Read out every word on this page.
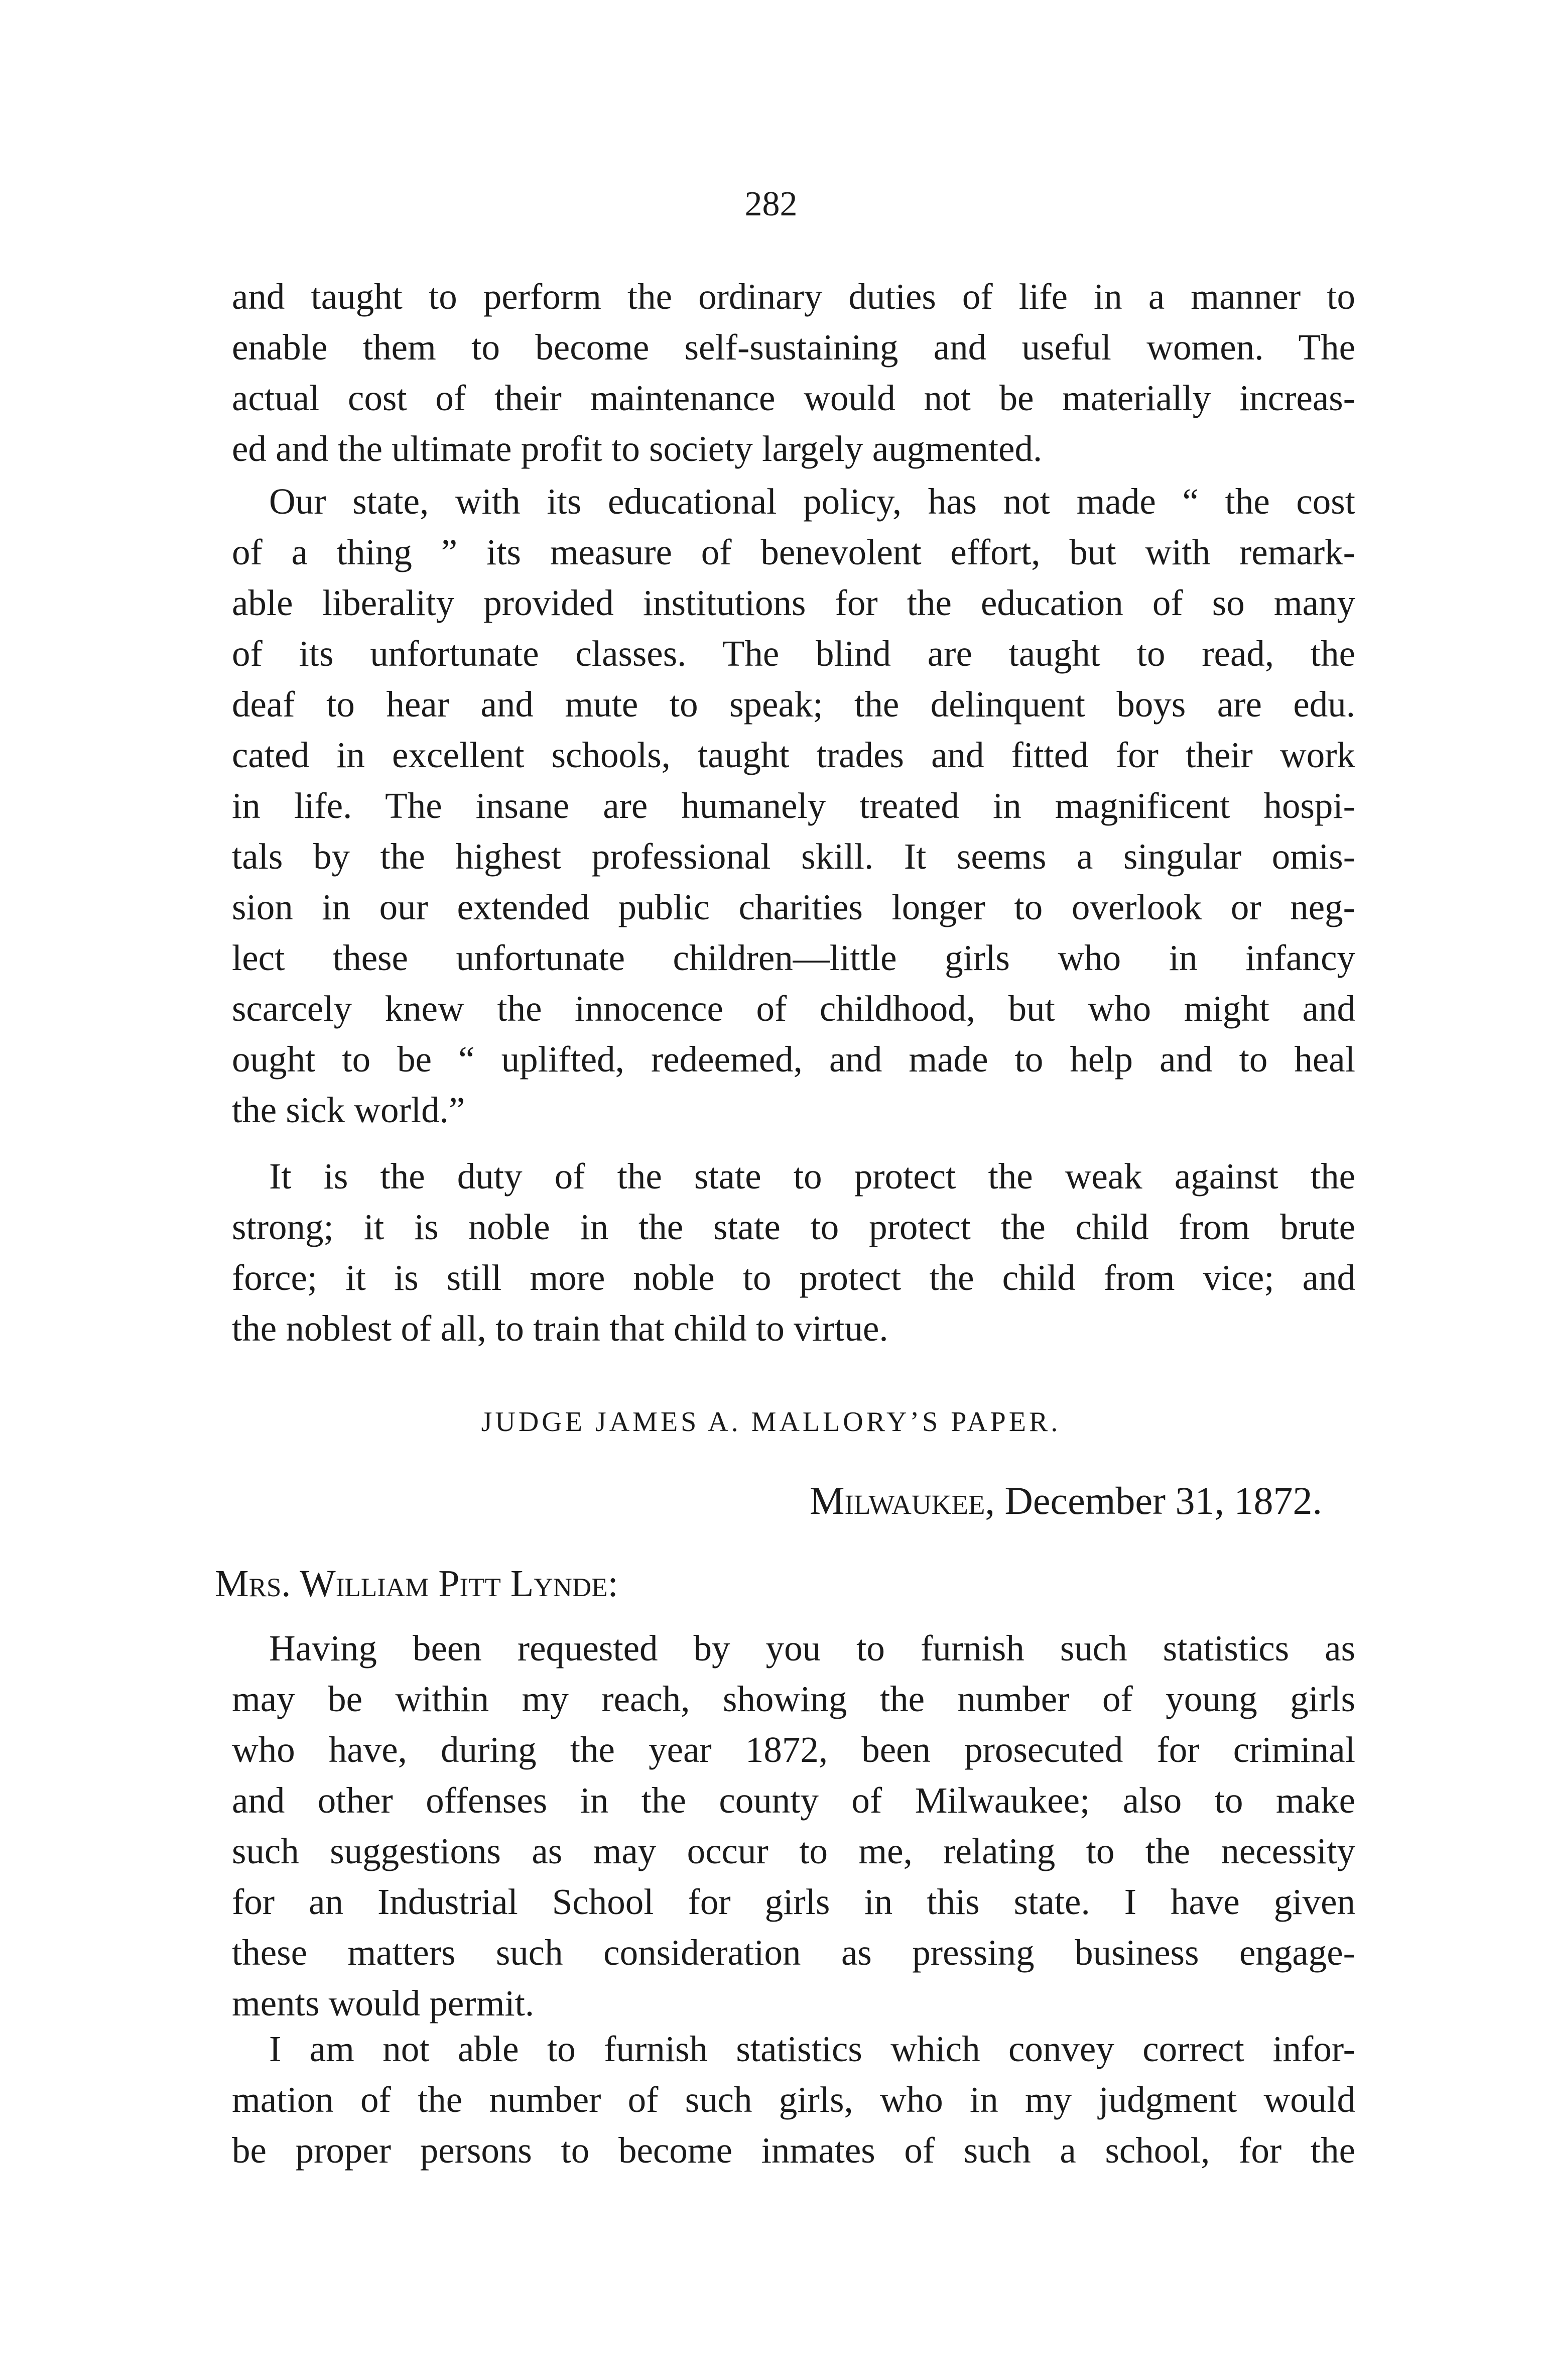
282
and taught to perform the ordinary duties of life in a manner to
enable them to become self-sustaining and useful women. The
actual cost of their maintenance would not be materially increas-
ed and the ultimate profit to society largely augmented.
Our state, with its educational policy, has not made “ the cost
of a thing ” its measure of benevolent effort, but with remark-
able liberality provided institutions for the education of so many
of its unfortunate classes. The blind are taught to read, the
deaf to hear and mute to speak; the delinquent boys are edu.
cated in excellent schools, taught trades and fitted for their work
in life. The insane are humanely treated in magnificent hospi-
tals by the highest professional skill. It seems a singular omis-
sion in our extended public charities longer to overlook or neg-
lect these unfortunate children—little girls who in infancy
scarcely knew the innocence of childhood, but who might and
ought to be “ uplifted, redeemed, and made to help and to heal
the sick world.”
It is the duty of the state to protect the weak against the
strong; it is noble in the state to protect the child from brute
force; it is still more noble to protect the child from vice; and
the noblest of all, to train that child to virtue.
JUDGE JAMES A. MALLORY’S PAPER.
Milwaukee, December 31, 1872.
Mrs. William Pitt Lynde:
Having been requested by you to furnish such statistics as
may be within my reach, showing the number of young girls
who have, during the year 1872, been prosecuted for criminal
and other offenses in the county of Milwaukee; also to make
such suggestions as may occur to me, relating to the necessity
for an Industrial School for girls in this state. I have given
these matters such consideration as pressing business engage-
ments would permit.
I am not able to furnish statistics which convey correct infor-
mation of the number of such girls, who in my judgment would
be proper persons to become inmates of such a school, for the
